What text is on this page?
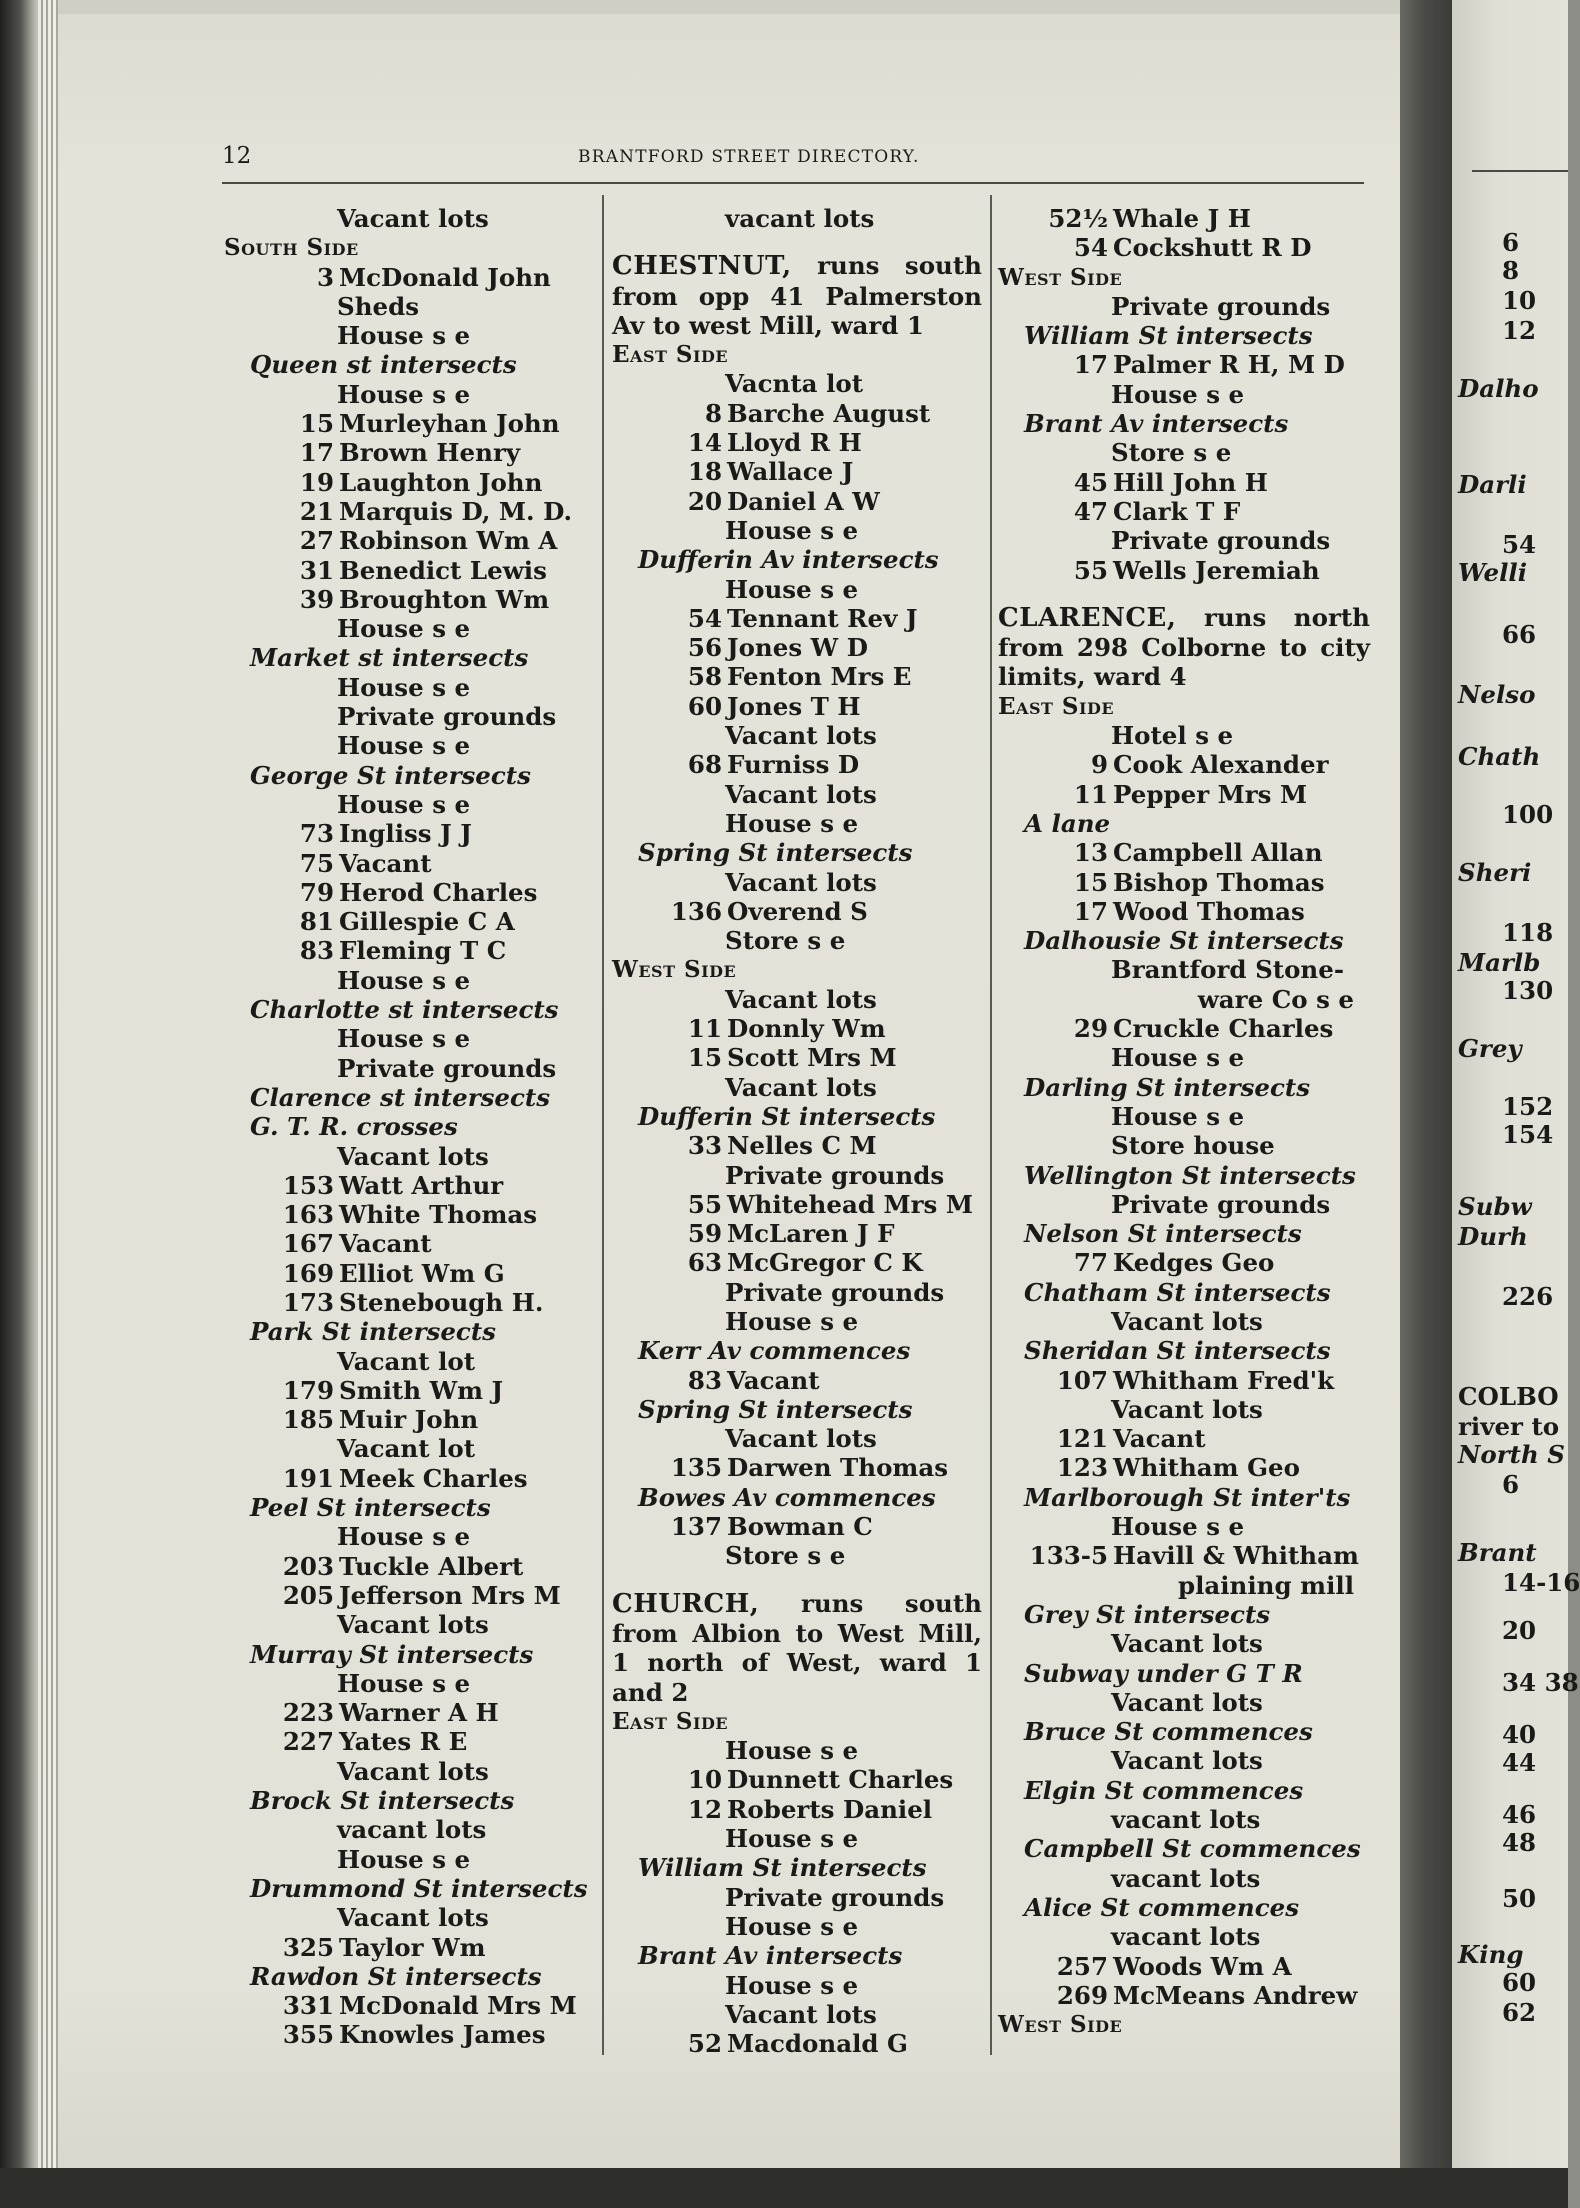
6
8
10
12
Dalho
Darli
54
Welli
66
Nelso
Chath
100
Sheri
118
Marlb
130
Grey
152
154
Subw
Durh
226
COLBO
river to
North S
6
Brant
14-16
20
34 38
40
44
46
48
50
King
60
62
12	BRANTFORD STREET DIRECTORY.
Vacant lots
South Side
3 McDonald John
Sheds
House s e
Queen st intersects
House s e
15 Murleyhan John
17 Brown Henry
19 Laughton John
21 Marquis D, M. D.
27 Robinson Wm A
31 Benedict Lewis
39 Broughton Wm
House s e
Market st intersects
House s e
Private grounds
House s e
George St intersects
House s e
73 Ingliss J J
75 Vacant
79 Herod Charles
81 Gillespie C A
83 Fleming T C
House s e
Charlotte st intersects
House s e
Private grounds
Clarence st intersects
G. T. R. crosses
Vacant lots
153 Watt Arthur
163 White Thomas
167 Vacant
169 Elliot Wm G
173 Stenebough H.
Park St intersects
Vacant lot
179 Smith Wm J
185 Muir John
Vacant lot
191 Meek Charles
Peel St intersects
House s e
203 Tuckle Albert
205 Jefferson Mrs M
Vacant lots
Murray St intersects
House s e
223 Warner A H
227 Yates R E
Vacant lots
Brock St intersects
vacant lots
House s e
Drummond St intersects
Vacant lots
325 Taylor Wm
Rawdon St intersects
331 McDonald Mrs M
355 Knowles James
vacant lots
CHESTNUT, runs south from opp 41 Palmerston Av to west Mill, ward 1
East Side
Vacnta lot
8 Barche August
14 Lloyd R H
18 Wallace J
20 Daniel A W
House s e
Dufferin Av intersects
House s e
54 Tennant Rev J
56 Jones W D
58 Fenton Mrs E
60 Jones T H
Vacant lots
68 Furniss D
Vacant lots
House s e
Spring St intersects
Vacant lots
136 Overend S
Store s e
West Side
Vacant lots
11 Donnly Wm
15 Scott Mrs M
Vacant lots
Dufferin St intersects
33 Nelles C M
Private grounds
55 Whitehead Mrs M
59 McLaren J F
63 McGregor C K
Private grounds
House s e
Kerr Av commences
83 Vacant
Spring St intersects
Vacant lots
135 Darwen Thomas
Bowes Av commences
137 Bowman C
Store s e
CHURCH, runs south from Albion to West Mill, 1 north of West, ward 1 and 2
East Side
House s e
10 Dunnett Charles
12 Roberts Daniel
House s e
William St intersects
Private grounds
House s e
Brant Av intersects
House s e
Vacant lots
52 Macdonald G
52½ Whale J H
54 Cockshutt R D
West Side
Private grounds
William St intersects
17 Palmer R H, M D
House s e
Brant Av intersects
Store s e
45 Hill John H
47 Clark T F
Private grounds
55 Wells Jeremiah
CLARENCE, runs north from 298 Colborne to city limits, ward 4
East Side
Hotel s e
9 Cook Alexander
11 Pepper Mrs M
A lane
13 Campbell Allan
15 Bishop Thomas
17 Wood Thomas
Dalhousie St intersects
Brantford Stone-
ware Co s e
29 Cruckle Charles
House s e
Darling St intersects
House s e
Store house
Wellington St intersects
Private grounds
Nelson St intersects
77 Kedges Geo
Chatham St intersects
Vacant lots
Sheridan St intersects
107 Whitham Fred'k
Vacant lots
121 Vacant
123 Whitham Geo
Marlborough St inter'ts
House s e
133-5 Havill & Whitham
plaining mill
Grey St intersects
Vacant lots
Subway under G T R
Vacant lots
Bruce St commences
Vacant lots
Elgin St commences
vacant lots
Campbell St commences
vacant lots
Alice St commences
vacant lots
257 Woods Wm A
269 McMeans Andrew
West Side
